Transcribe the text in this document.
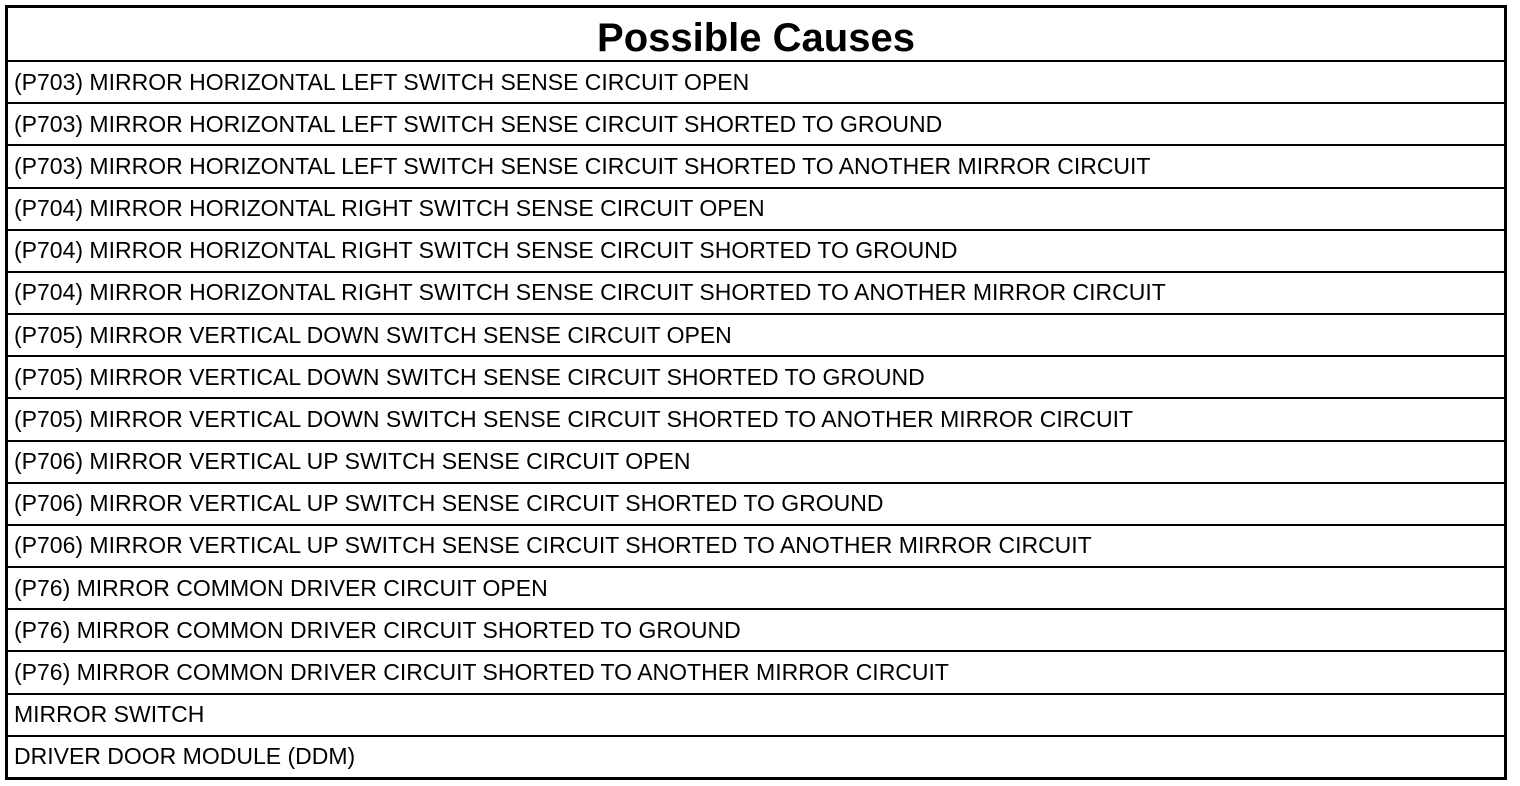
Possible Causes
(P703) MIRROR HORIZONTAL LEFT SWITCH SENSE CIRCUIT OPEN
(P703) MIRROR HORIZONTAL LEFT SWITCH SENSE CIRCUIT SHORTED TO GROUND
(P703) MIRROR HORIZONTAL LEFT SWITCH SENSE CIRCUIT SHORTED TO ANOTHER MIRROR CIRCUIT
(P704) MIRROR HORIZONTAL RIGHT SWITCH SENSE CIRCUIT OPEN
(P704) MIRROR HORIZONTAL RIGHT SWITCH SENSE CIRCUIT SHORTED TO GROUND
(P704) MIRROR HORIZONTAL RIGHT SWITCH SENSE CIRCUIT SHORTED TO ANOTHER MIRROR CIRCUIT
(P705) MIRROR VERTICAL DOWN SWITCH SENSE CIRCUIT OPEN
(P705) MIRROR VERTICAL DOWN SWITCH SENSE CIRCUIT SHORTED TO GROUND
(P705) MIRROR VERTICAL DOWN SWITCH SENSE CIRCUIT SHORTED TO ANOTHER MIRROR CIRCUIT
(P706) MIRROR VERTICAL UP SWITCH SENSE CIRCUIT OPEN
(P706) MIRROR VERTICAL UP SWITCH SENSE CIRCUIT SHORTED TO GROUND
(P706) MIRROR VERTICAL UP SWITCH SENSE CIRCUIT SHORTED TO ANOTHER MIRROR CIRCUIT
(P76) MIRROR COMMON DRIVER CIRCUIT OPEN
(P76) MIRROR COMMON DRIVER CIRCUIT SHORTED TO GROUND
(P76) MIRROR COMMON DRIVER CIRCUIT SHORTED TO ANOTHER MIRROR CIRCUIT
MIRROR SWITCH
DRIVER DOOR MODULE (DDM)
